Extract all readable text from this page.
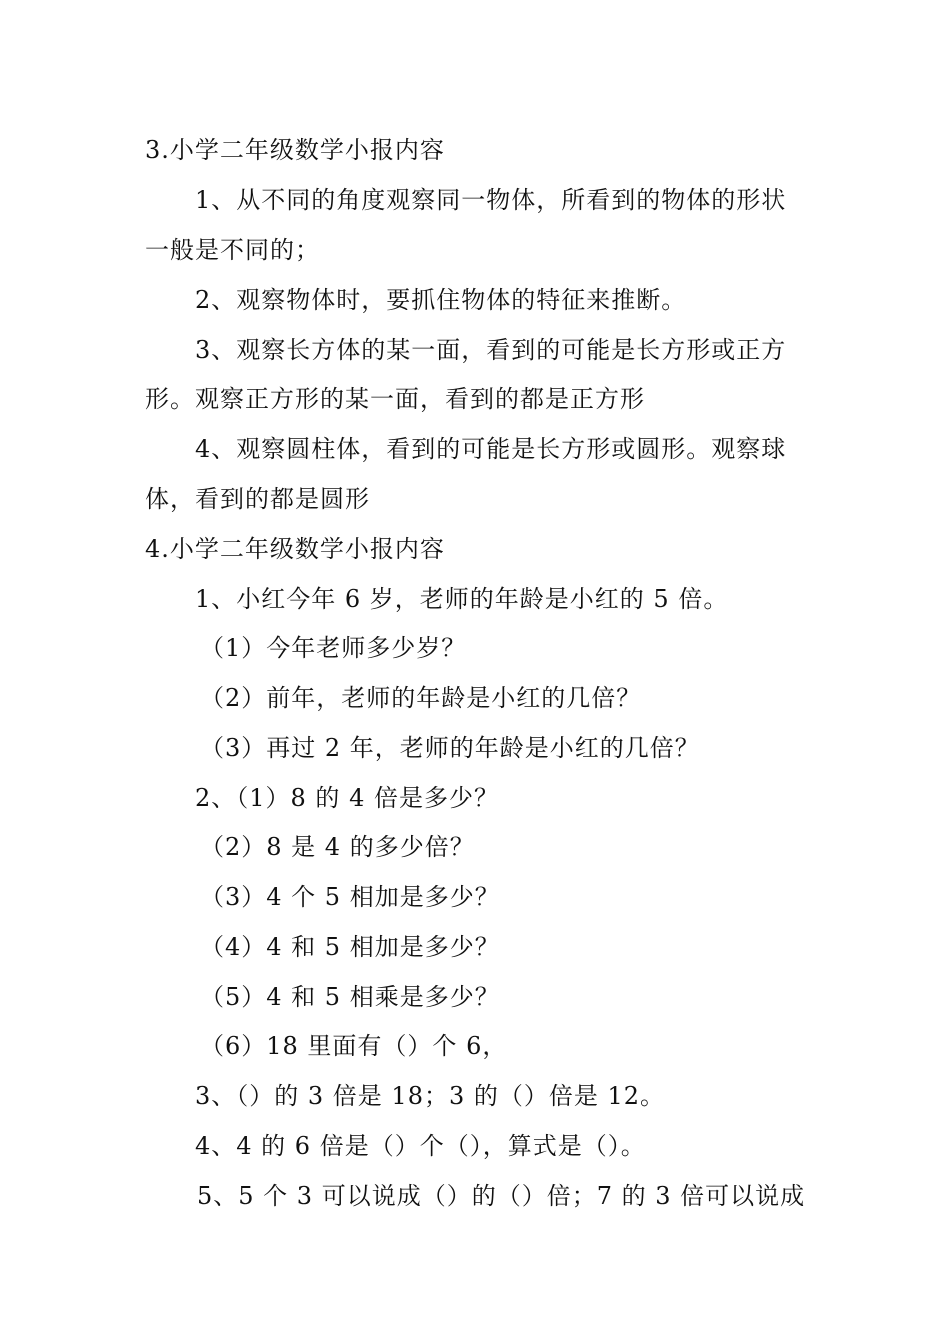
3.小学二年级数学小报内容
1、从不同的角度观察同一物体，所看到的物体的形状
一般是不同的；
2、观察物体时，要抓住物体的特征来推断。
3、观察长方体的某一面，看到的可能是长方形或正方
形。观察正方形的某一面，看到的都是正方形
4、观察圆柱体，看到的可能是长方形或圆形。观察球
体，看到的都是圆形
4.小学二年级数学小报内容
1、小红今年 6 岁，老师的年龄是小红的 5 倍。
（1）今年老师多少岁？
（2）前年，老师的年龄是小红的几倍？
（3）再过 2 年，老师的年龄是小红的几倍？
2、（1）8 的 4 倍是多少？
（2）8 是 4 的多少倍？
（3）4 个 5 相加是多少？
（4）4 和 5 相加是多少？
（5）4 和 5 相乘是多少？
（6）18 里面有（）个 6，
3、（）的 3 倍是 18；3 的（）倍是 12。
4、4 的 6 倍是（）个（），算式是（）。
5、5 个 3 可以说成（）的（）倍；7 的 3 倍可以说成
